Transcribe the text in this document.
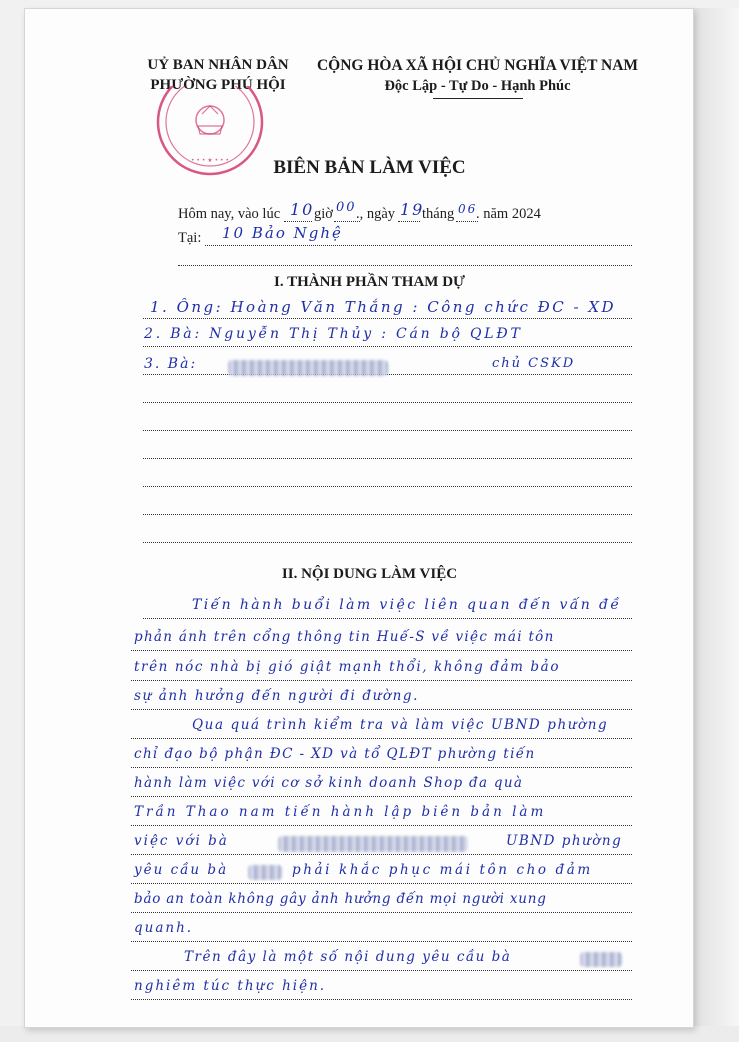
UỶ BAN NHÂN DÂN
PHƯỜNG PHÚ HỘI
CỘNG HÒA XÃ HỘI CHỦ NGHĨA VIỆT NAM
Độc Lập - Tự Do - Hạnh Phúc
• • • ★ • • •	BIÊN BẢN LÀM VIỆC
Hôm nay, vào lúc 10 giờ 00 ., ngày 19
tháng 06
. năm 2024
Tại: 10 Bảo Nghệ
I. THÀNH PHẦN THAM DỰ
1. Ông: Hoàng Văn Thắng : Công chức ĐC - XD
2. Bà: Nguyễn Thị Thủy : Cán bộ QLĐT
3. Bà:	chủ CSKD
II. NỘI DUNG LÀM VIỆC
Tiến hành buổi làm việc liên quan đến vấn đề
phản ánh trên cổng thông tin Huế-S về việc mái tôn
trên nóc nhà bị gió giật mạnh thổi, không đảm bảo
sự ảnh hưởng đến người đi đường.
Qua quá trình kiểm tra và làm việc UBND phường
chỉ đạo bộ phận ĐC - XD và tổ QLĐT phường tiến
hành làm việc với cơ sở kinh doanh Shop đa quà
Trần Thao nam tiến hành lập biên bản làm
việc với bà	UBND phường
yêu cầu bà	phải khắc phục mái tôn cho đảm
bảo an toàn không gây ảnh hưởng đến mọi người xung
quanh.
Trên đây là một số nội dung yêu cầu bà
nghiêm túc thực hiện.
